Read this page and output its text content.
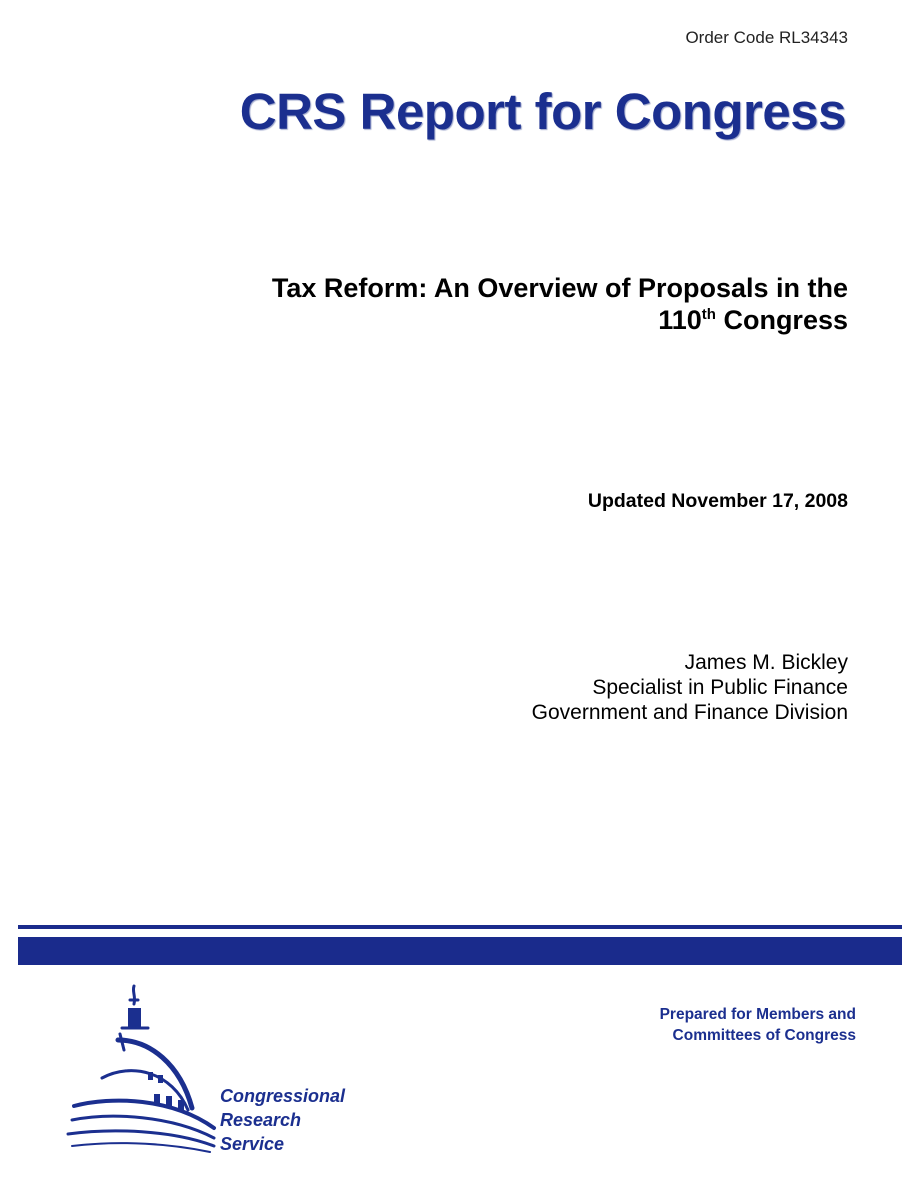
Order Code RL34343
CRS Report for Congress
Tax Reform: An Overview of Proposals in the
110th Congress
Updated November 17, 2008
James M. Bickley
Specialist in Public Finance
Government and Finance Division
Prepared for Members and
Committees of Congress
Congressional
Research
Service
